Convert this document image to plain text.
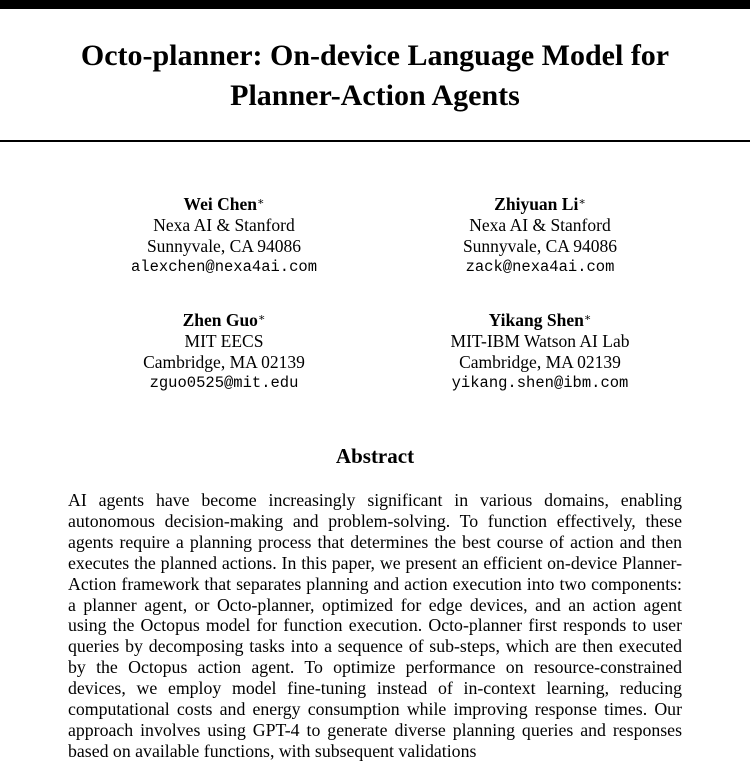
Octo-planner: On-device Language Model for
Planner-Action Agents
Wei Chen∗
Nexa AI & Stanford
Sunnyvale, CA 94086
alexchen@nexa4ai.com
Zhiyuan Li∗
Nexa AI & Stanford
Sunnyvale, CA 94086
zack@nexa4ai.com
Zhen Guo∗
MIT EECS
Cambridge, MA 02139
zguo0525@mit.edu
Yikang Shen∗
MIT-IBM Watson AI Lab
Cambridge, MA 02139
yikang.shen@ibm.com
Abstract

AI agents have become increasingly significant in various domains, enabling autonomous decision-making and problem-solving. To function effectively, these agents require a planning process that determines the best course of action and then executes the planned actions. In this paper, we present an efficient on-device Planner-Action framework that separates planning and action execution into two components: a planner agent, or Octo-planner, optimized for edge devices, and an action agent using the Octopus model for function execution. Octo-planner first responds to user queries by decomposing tasks into a sequence of sub-steps, which are then executed by the Octopus action agent. To optimize performance on resource-constrained devices, we employ model fine-tuning instead of in-context learning, reducing computational costs and energy consumption while improving response times. Our approach involves using GPT-4 to generate diverse planning queries and responses based on available functions, with subsequent validations
